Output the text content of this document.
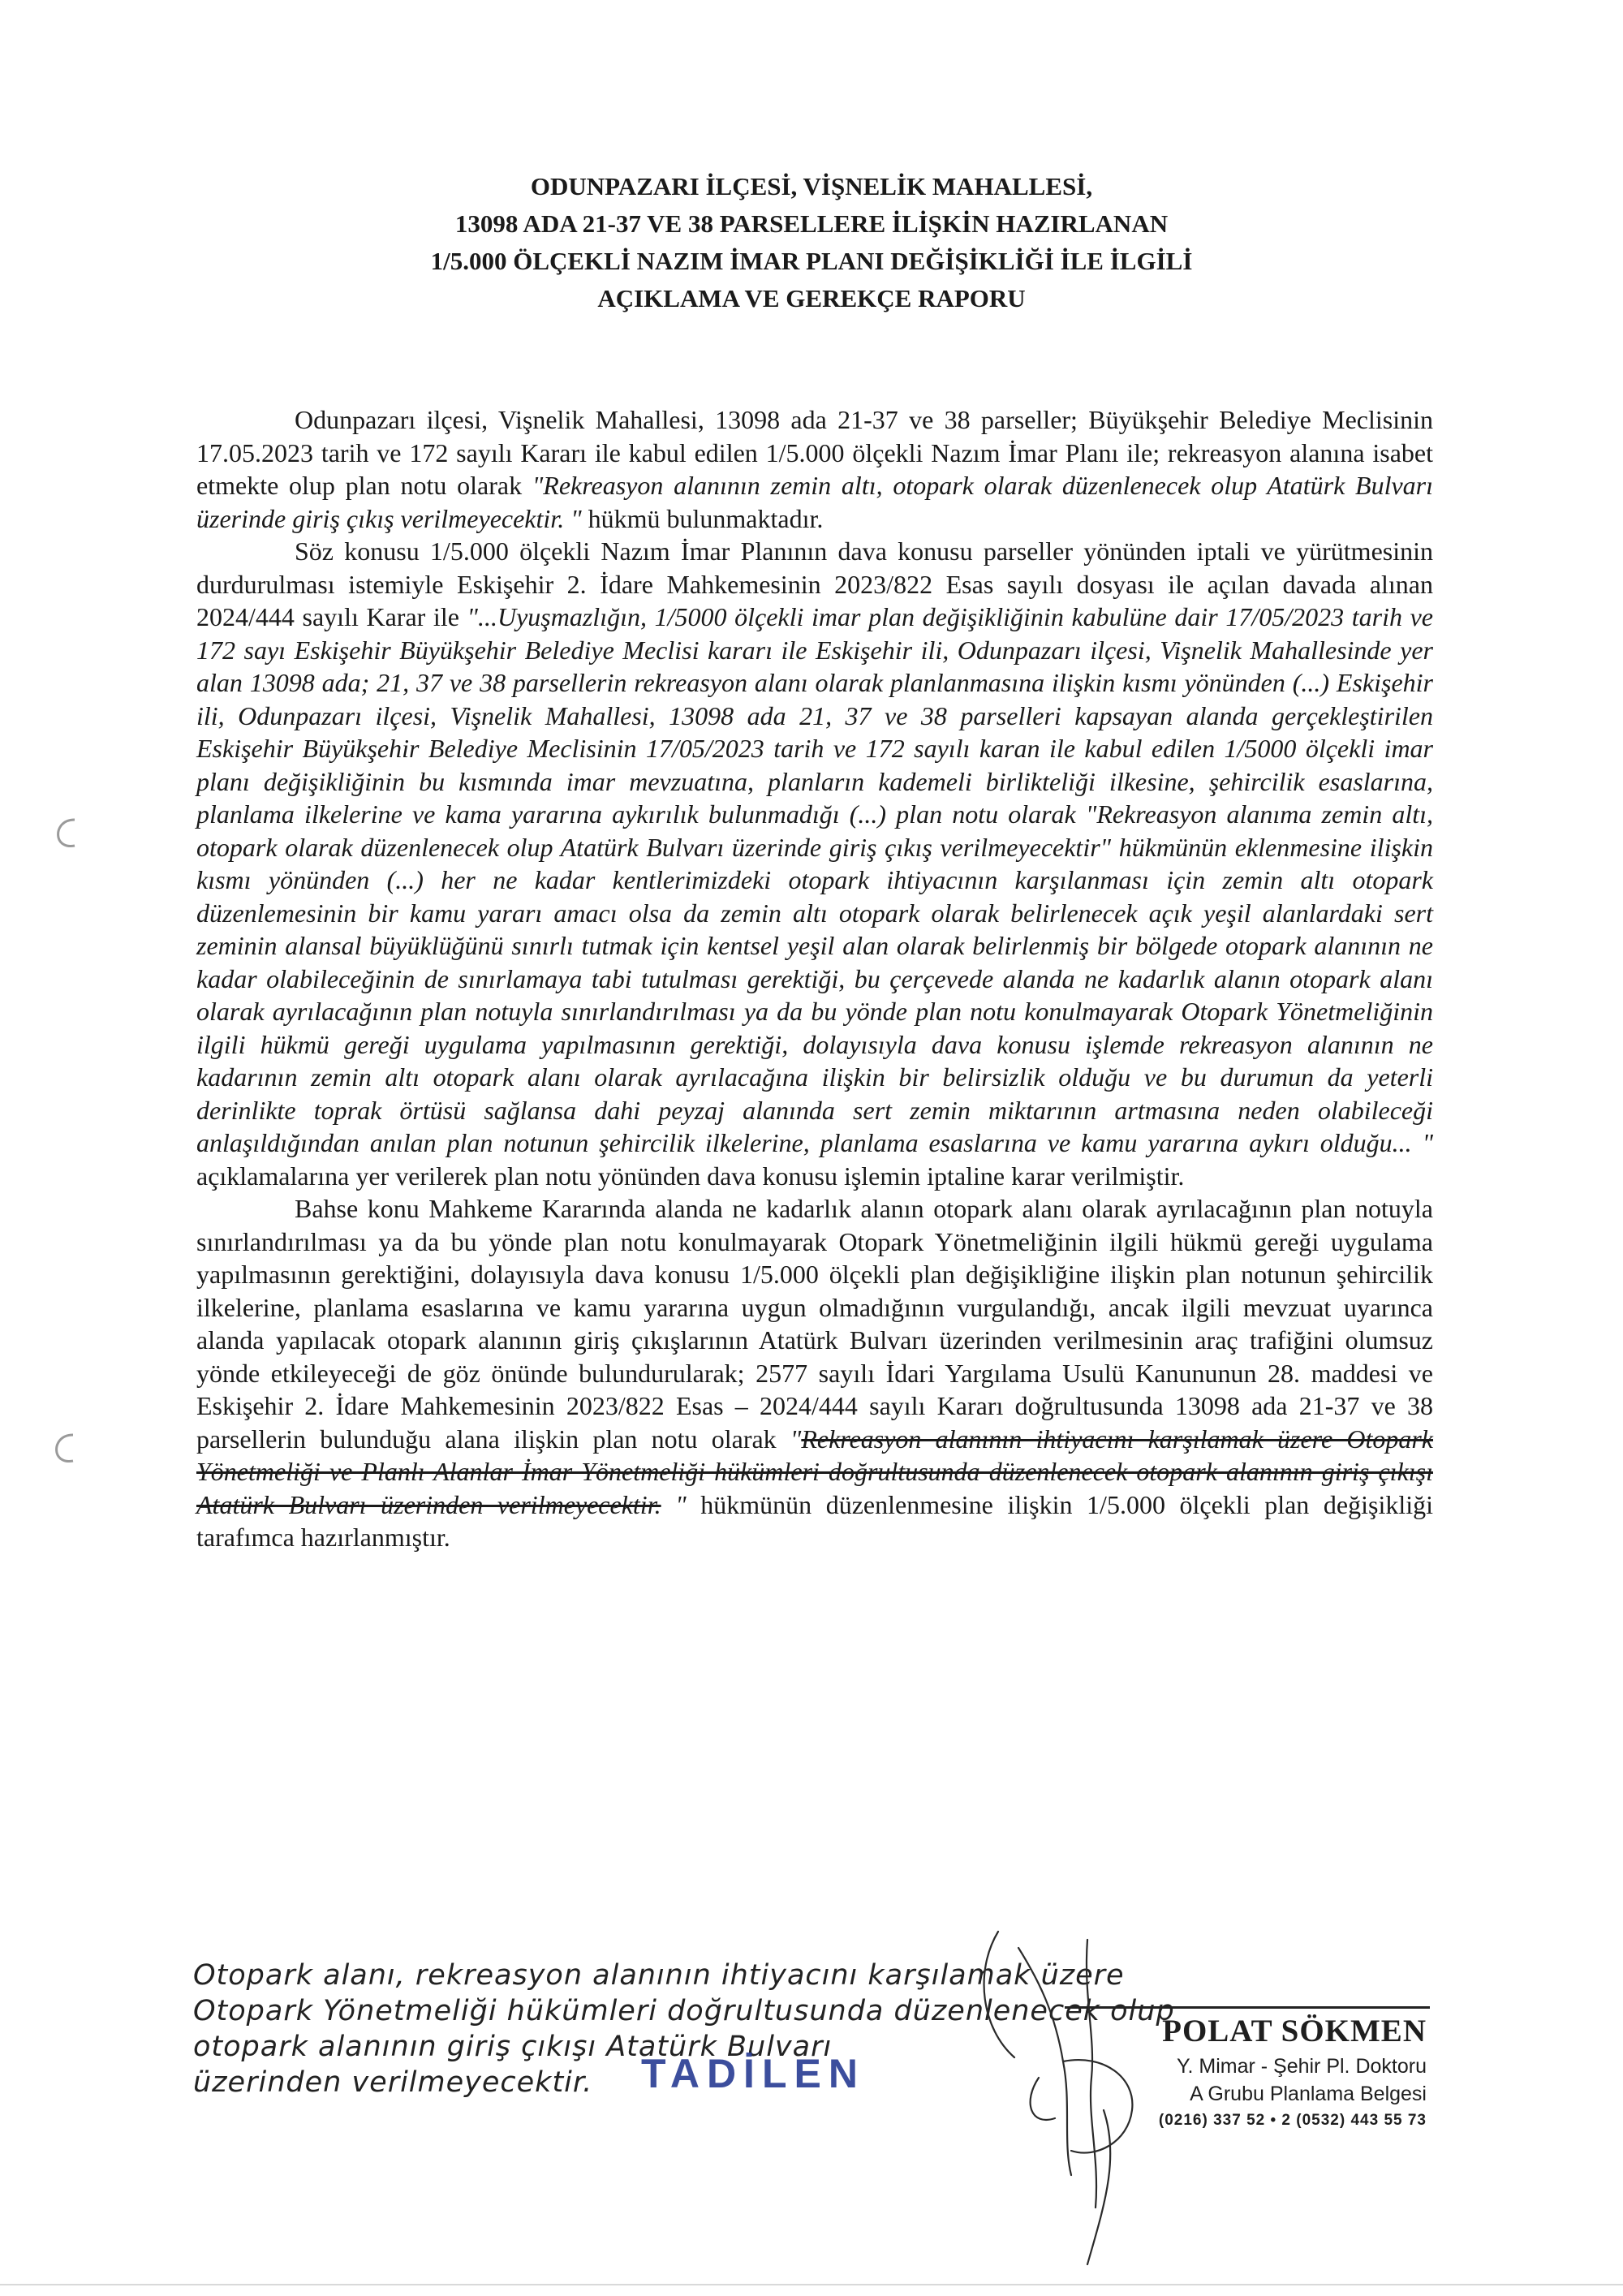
ODUNPAZARI İLÇESİ, VİŞNELİK MAHALLESİ,
13098 ADA 21-37 VE 38 PARSELLERE İLİŞKİN HAZIRLANAN
1/5.000 ÖLÇEKLİ NAZIM İMAR PLANI DEĞİŞİKLİĞİ İLE İLGİLİ
AÇIKLAMA VE GEREKÇE RAPORU

Odunpazarı ilçesi, Vişnelik Mahallesi, 13098 ada 21-37 ve 38 parseller; Büyükşehir Belediye Meclisinin 17.05.2023 tarih ve 172 sayılı Kararı ile kabul edilen 1/5.000 ölçekli Nazım İmar Planı ile; rekreasyon alanına isabet etmekte olup plan notu olarak "Rekreasyon alanının zemin altı, otopark olarak düzenlenecek olup Atatürk Bulvarı üzerinde giriş çıkış verilmeyecektir. " hükmü bulunmaktadır.

Söz konusu 1/5.000 ölçekli Nazım İmar Planının dava konusu parseller yönünden iptali ve yürütmesinin durdurulması istemiyle Eskişehir 2. İdare Mahkemesinin 2023/822 Esas sayılı dosyası ile açılan davada alınan 2024/444 sayılı Karar ile "...Uyuşmazlığın, 1/5000 ölçekli imar plan değişikliğinin kabulüne dair 17/05/2023 tarih ve 172 sayı Eskişehir Büyükşehir Belediye Meclisi kararı ile Eskişehir ili, Odunpazarı ilçesi, Vişnelik Mahallesinde yer alan 13098 ada; 21, 37 ve 38 parsellerin rekreasyon alanı olarak planlanmasına ilişkin kısmı yönünden (...) Eskişehir ili, Odunpazarı ilçesi, Vişnelik Mahallesi, 13098 ada 21, 37 ve 38 parselleri kapsayan alanda gerçekleştirilen Eskişehir Büyükşehir Belediye Meclisinin 17/05/2023 tarih ve 172 sayılı karan ile kabul edilen 1/5000 ölçekli imar planı değişikliğinin bu kısmında imar mevzuatına, planların kademeli birlikteliği ilkesine, şehircilik esaslarına, planlama ilkelerine ve kama yararına aykırılık bulunmadığı (...) plan notu olarak "Rekreasyon alanıma zemin altı, otopark olarak düzenlenecek olup Atatürk Bulvarı üzerinde giriş çıkış verilmeyecektir" hükmünün eklenmesine ilişkin kısmı yönünden (...) her ne kadar kentlerimizdeki otopark ihtiyacının karşılanması için zemin altı otopark düzenlemesinin bir kamu yararı amacı olsa da zemin altı otopark olarak belirlenecek açık yeşil alanlardaki sert zeminin alansal büyüklüğünü sınırlı tutmak için kentsel yeşil alan olarak belirlenmiş bir bölgede otopark alanının ne kadar olabileceğinin de sınırlamaya tabi tutulması gerektiği, bu çerçevede alanda ne kadarlık alanın otopark alanı olarak ayrılacağının plan notuyla sınırlandırılması ya da bu yönde plan notu konulmayarak Otopark Yönetmeliğinin ilgili hükmü gereği uygulama yapılmasının gerektiği, dolayısıyla dava konusu işlemde rekreasyon alanının ne kadarının zemin altı otopark alanı olarak ayrılacağına ilişkin bir belirsizlik olduğu ve bu durumun da yeterli derinlikte toprak örtüsü sağlansa dahi peyzaj alanında sert zemin miktarının artmasına neden olabileceği anlaşıldığından anılan plan notunun şehircilik ilkelerine, planlama esaslarına ve kamu yararına aykırı olduğu... " açıklamalarına yer verilerek plan notu yönünden dava konusu işlemin iptaline karar verilmiştir.

Bahse konu Mahkeme Kararında alanda ne kadarlık alanın otopark alanı olarak ayrılacağının plan notuyla sınırlandırılması ya da bu yönde plan notu konulmayarak Otopark Yönetmeliğinin ilgili hükmü gereği uygulama yapılmasının gerektiğini, dolayısıyla dava konusu 1/5.000 ölçekli plan değişikliğine ilişkin plan notunun şehircilik ilkelerine, planlama esaslarına ve kamu yararına uygun olmadığının vurgulandığı, ancak ilgili mevzuat uyarınca alanda yapılacak otopark alanının giriş çıkışlarının Atatürk Bulvarı üzerinden verilmesinin araç trafiğini olumsuz yönde etkileyeceği de göz önünde bulundurularak; 2577 sayılı İdari Yargılama Usulü Kanununun 28. maddesi ve Eskişehir 2. İdare Mahkemesinin 2023/822 Esas – 2024/444 sayılı Kararı doğrultusunda 13098 ada 21-37 ve 38 parsellerin bulunduğu alana ilişkin plan notu olarak "Rekreasyon alanının ihtiyacını karşılamak üzere Otopark Yönetmeliği ve Planlı Alanlar İmar Yönetmeliği hükümleri doğrultusunda düzenlenecek otopark alanının giriş çıkışı Atatürk Bulvarı üzerinden verilmeyecektir. " hükmünün düzenlenmesine ilişkin 1/5.000 ölçekli plan değişikliği tarafımca hazırlanmıştır.

Otopark alanı, rekreasyon alanının ihtiyacını karşılamak üzere
Otopark Yönetmeliği hükümleri doğrultusunda düzenlenecek olup
otopark alanının giriş çıkışı Atatürk Bulvarı
üzerinden verilmeyecektir.	TADİLEN
POLAT SÖKMEN
Y. Mimar - Şehir Pl. Doktoru
A Grubu Planlama Belgesi
(0216) 337 52 • 2 (0532) 443 55 73
